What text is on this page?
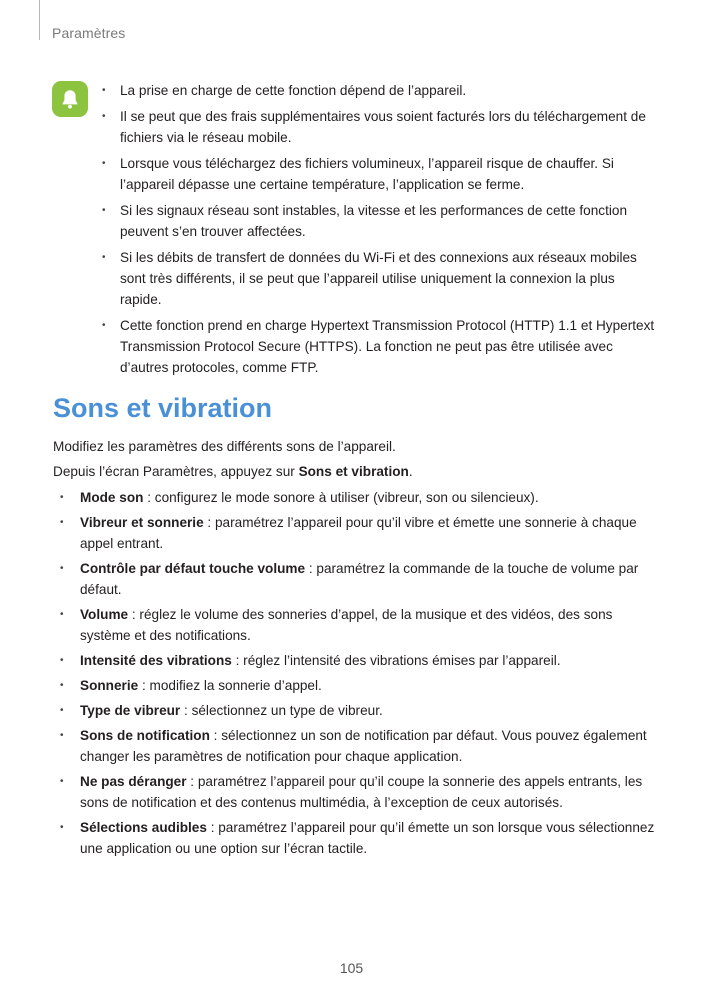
Paramètres
• La prise en charge de cette fonction dépend de l’appareil.
• Il se peut que des frais supplémentaires vous soient facturés lors du téléchargement de fichiers via le réseau mobile.
• Lorsque vous téléchargez des fichiers volumineux, l’appareil risque de chauffer. Si l’appareil dépasse une certaine température, l’application se ferme.
• Si les signaux réseau sont instables, la vitesse et les performances de cette fonction peuvent s’en trouver affectées.
• Si les débits de transfert de données du Wi-Fi et des connexions aux réseaux mobiles sont très différents, il se peut que l’appareil utilise uniquement la connexion la plus rapide.
• Cette fonction prend en charge Hypertext Transmission Protocol (HTTP) 1.1 et Hypertext Transmission Protocol Secure (HTTPS). La fonction ne peut pas être utilisée avec d’autres protocoles, comme FTP.
Sons et vibration

Modifiez les paramètres des différents sons de l’appareil.

Depuis l’écran Paramètres, appuyez sur Sons et vibration.

• Mode son : configurez le mode sonore à utiliser (vibreur, son ou silencieux).
• Vibreur et sonnerie : paramétrez l’appareil pour qu’il vibre et émette une sonnerie à chaque appel entrant.
• Contrôle par défaut touche volume : paramétrez la commande de la touche de volume par défaut.
• Volume : réglez le volume des sonneries d’appel, de la musique et des vidéos, des sons système et des notifications.
• Intensité des vibrations : réglez l’intensité des vibrations émises par l’appareil.
• Sonnerie : modifiez la sonnerie d’appel.
• Type de vibreur : sélectionnez un type de vibreur.
• Sons de notification : sélectionnez un son de notification par défaut. Vous pouvez également changer les paramètres de notification pour chaque application.
• Ne pas déranger : paramétrez l’appareil pour qu’il coupe la sonnerie des appels entrants, les sons de notification et des contenus multimédia, à l’exception de ceux autorisés.
• Sélections audibles : paramétrez l’appareil pour qu’il émette un son lorsque vous sélectionnez une application ou une option sur l’écran tactile.
105
